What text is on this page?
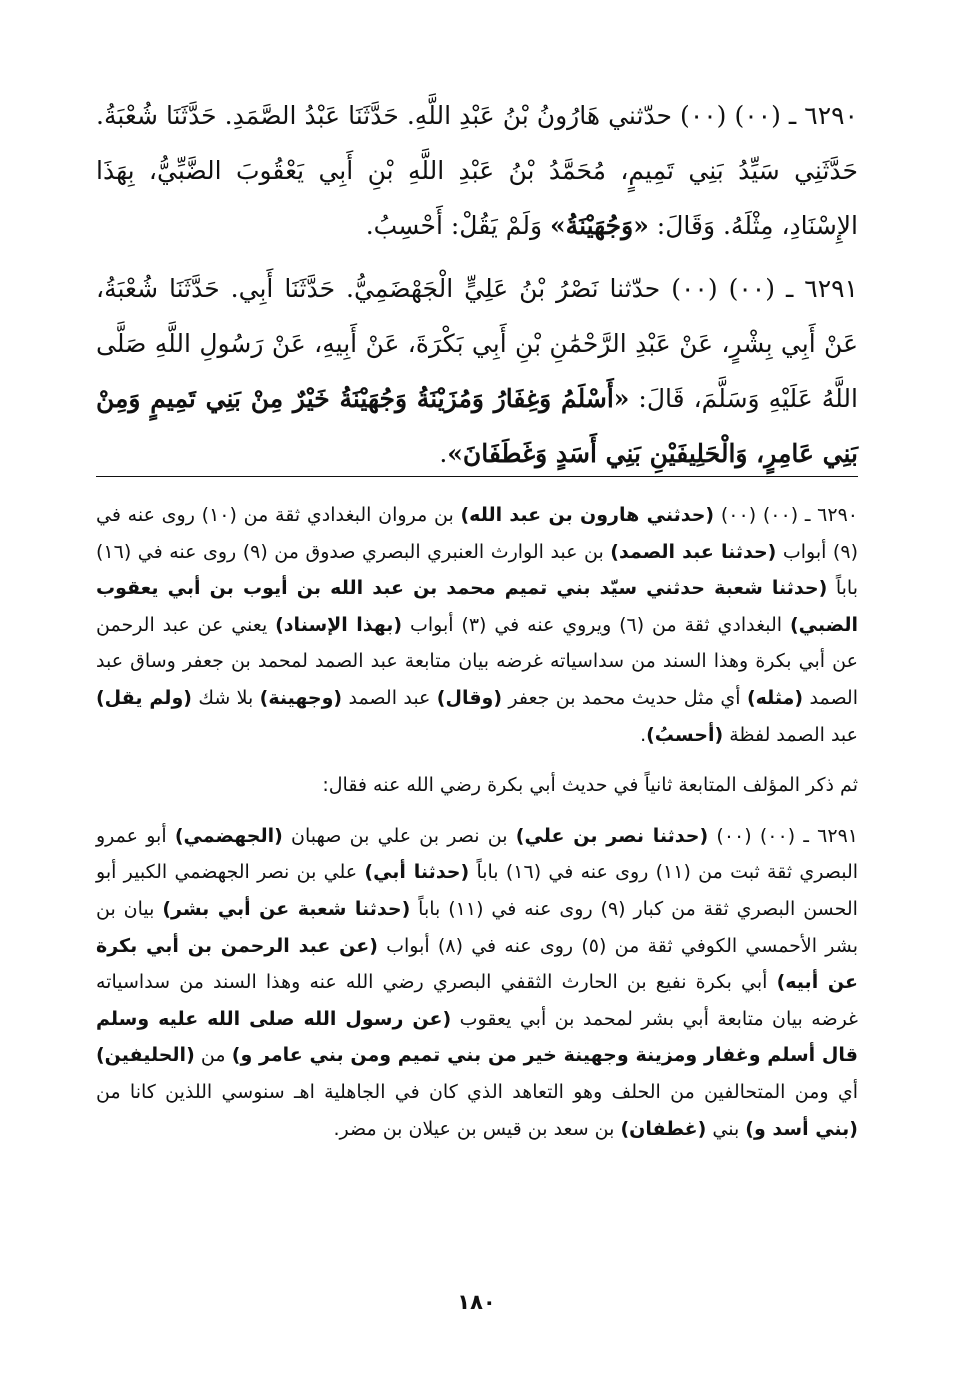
٦٢٩٠ ـ (٠٠) (٠٠) حدّثني هَارُونُ بْنُ عَبْدِ اللَّهِ. حَدَّثَنَا عَبْدُ الصَّمَدِ. حَدَّثَنَا شُعْبَةُ. حَدَّثَنِي سَيِّدُ بَنِي تَمِيمٍ، مُحَمَّدُ بْنُ عَبْدِ اللَّهِ بْنِ أَبِي يَعْقُوبَ الضَّبِّيُّ، بِهَذَا الإِسْنَادِ، مِثْلَهُ. وَقَالَ: «وَجُهَيْنَةُ» وَلَمْ يَقُلْ: أَحْسِبُ.

٦٢٩١ ـ (٠٠) (٠٠) حدّثنا نَصْرُ بْنُ عَلِيٍّ الْجَهْضَمِيُّ. حَدَّثَنَا أَبِي. حَدَّثَنَا شُعْبَةُ، عَنْ أَبِي بِشْرٍ، عَنْ عَبْدِ الرَّحْمَٰنِ بْنِ أَبِي بَكْرَةَ، عَنْ أَبِيهِ، عَنْ رَسُولِ اللَّهِ صَلَّى اللَّهُ عَلَيْهِ وَسَلَّمَ، قَالَ: «أَسْلَمُ وَغِفَارُ وَمُزَيْنَةُ وَجُهَيْنَةُ خَيْرٌ مِنْ بَنِي تَمِيمٍ وَمِنْ بَنِي عَامِرٍ، وَالْحَلِيفَيْنِ بَنِي أَسَدٍ وَغَطَفَانَ».

٦٢٩٠ ـ (٠٠) (٠٠) (حدثني هارون بن عبد الله) بن مروان البغدادي ثقة من (١٠) روى عنه في (٩) أبواب (حدثنا عبد الصمد) بن عبد الوارث العنبري البصري صدوق من (٩) روى عنه في (١٦) باباً (حدثنا شعبة حدثني سيّد بني تميم محمد بن عبد الله بن أيوب بن أبي يعقوب الضبي) البغدادي ثقة من (٦) ويروي عنه في (٣) أبواب (بهذا الإسناد) يعني عن عبد الرحمن عن أبي بكرة وهذا السند من سداسياته غرضه بيان متابعة عبد الصمد لمحمد بن جعفر وساق عبد الصمد (مثله) أي مثل حديث محمد بن جعفر (وقال) عبد الصمد (وجهينة) بلا شك (ولم يقل) عبد الصمد لفظة (أحسبُ).

ثم ذكر المؤلف المتابعة ثانياً في حديث أبي بكرة رضي الله عنه فقال:

٦٢٩١ ـ (٠٠) (٠٠) (حدثنا نصر بن علي) بن نصر بن علي بن صهبان (الجهضمي) أبو عمرو البصري ثقة ثبت من (١١) روى عنه في (١٦) باباً (حدثنا أبي) علي بن نصر الجهضمي الكبير أبو الحسن البصري ثقة من كبار (٩) روى عنه في (١١) باباً (حدثنا شعبة عن أبي بشر) بيان بن بشر الأحمسي الكوفي ثقة من (٥) روى عنه في (٨) أبواب (عن عبد الرحمن بن أبي بكرة عن أبيه) أبي بكرة نفيع بن الحارث الثقفي البصري رضي الله عنه وهذا السند من سداسياته غرضه بيان متابعة أبي بشر لمحمد بن أبي يعقوب (عن رسول الله صلى الله عليه وسلم قال أسلم وغفار ومزينة وجهينة خير من بني تميم ومن بني عامر و) من (الحليفين) أي ومن المتحالفين من الحلف وهو التعاهد الذي كان في الجاهلية اهـ سنوسي اللذين كانا من (بني أسد و) بني (غطفان) بن سعد بن قيس بن عيلان بن مضر.

١٨٠
